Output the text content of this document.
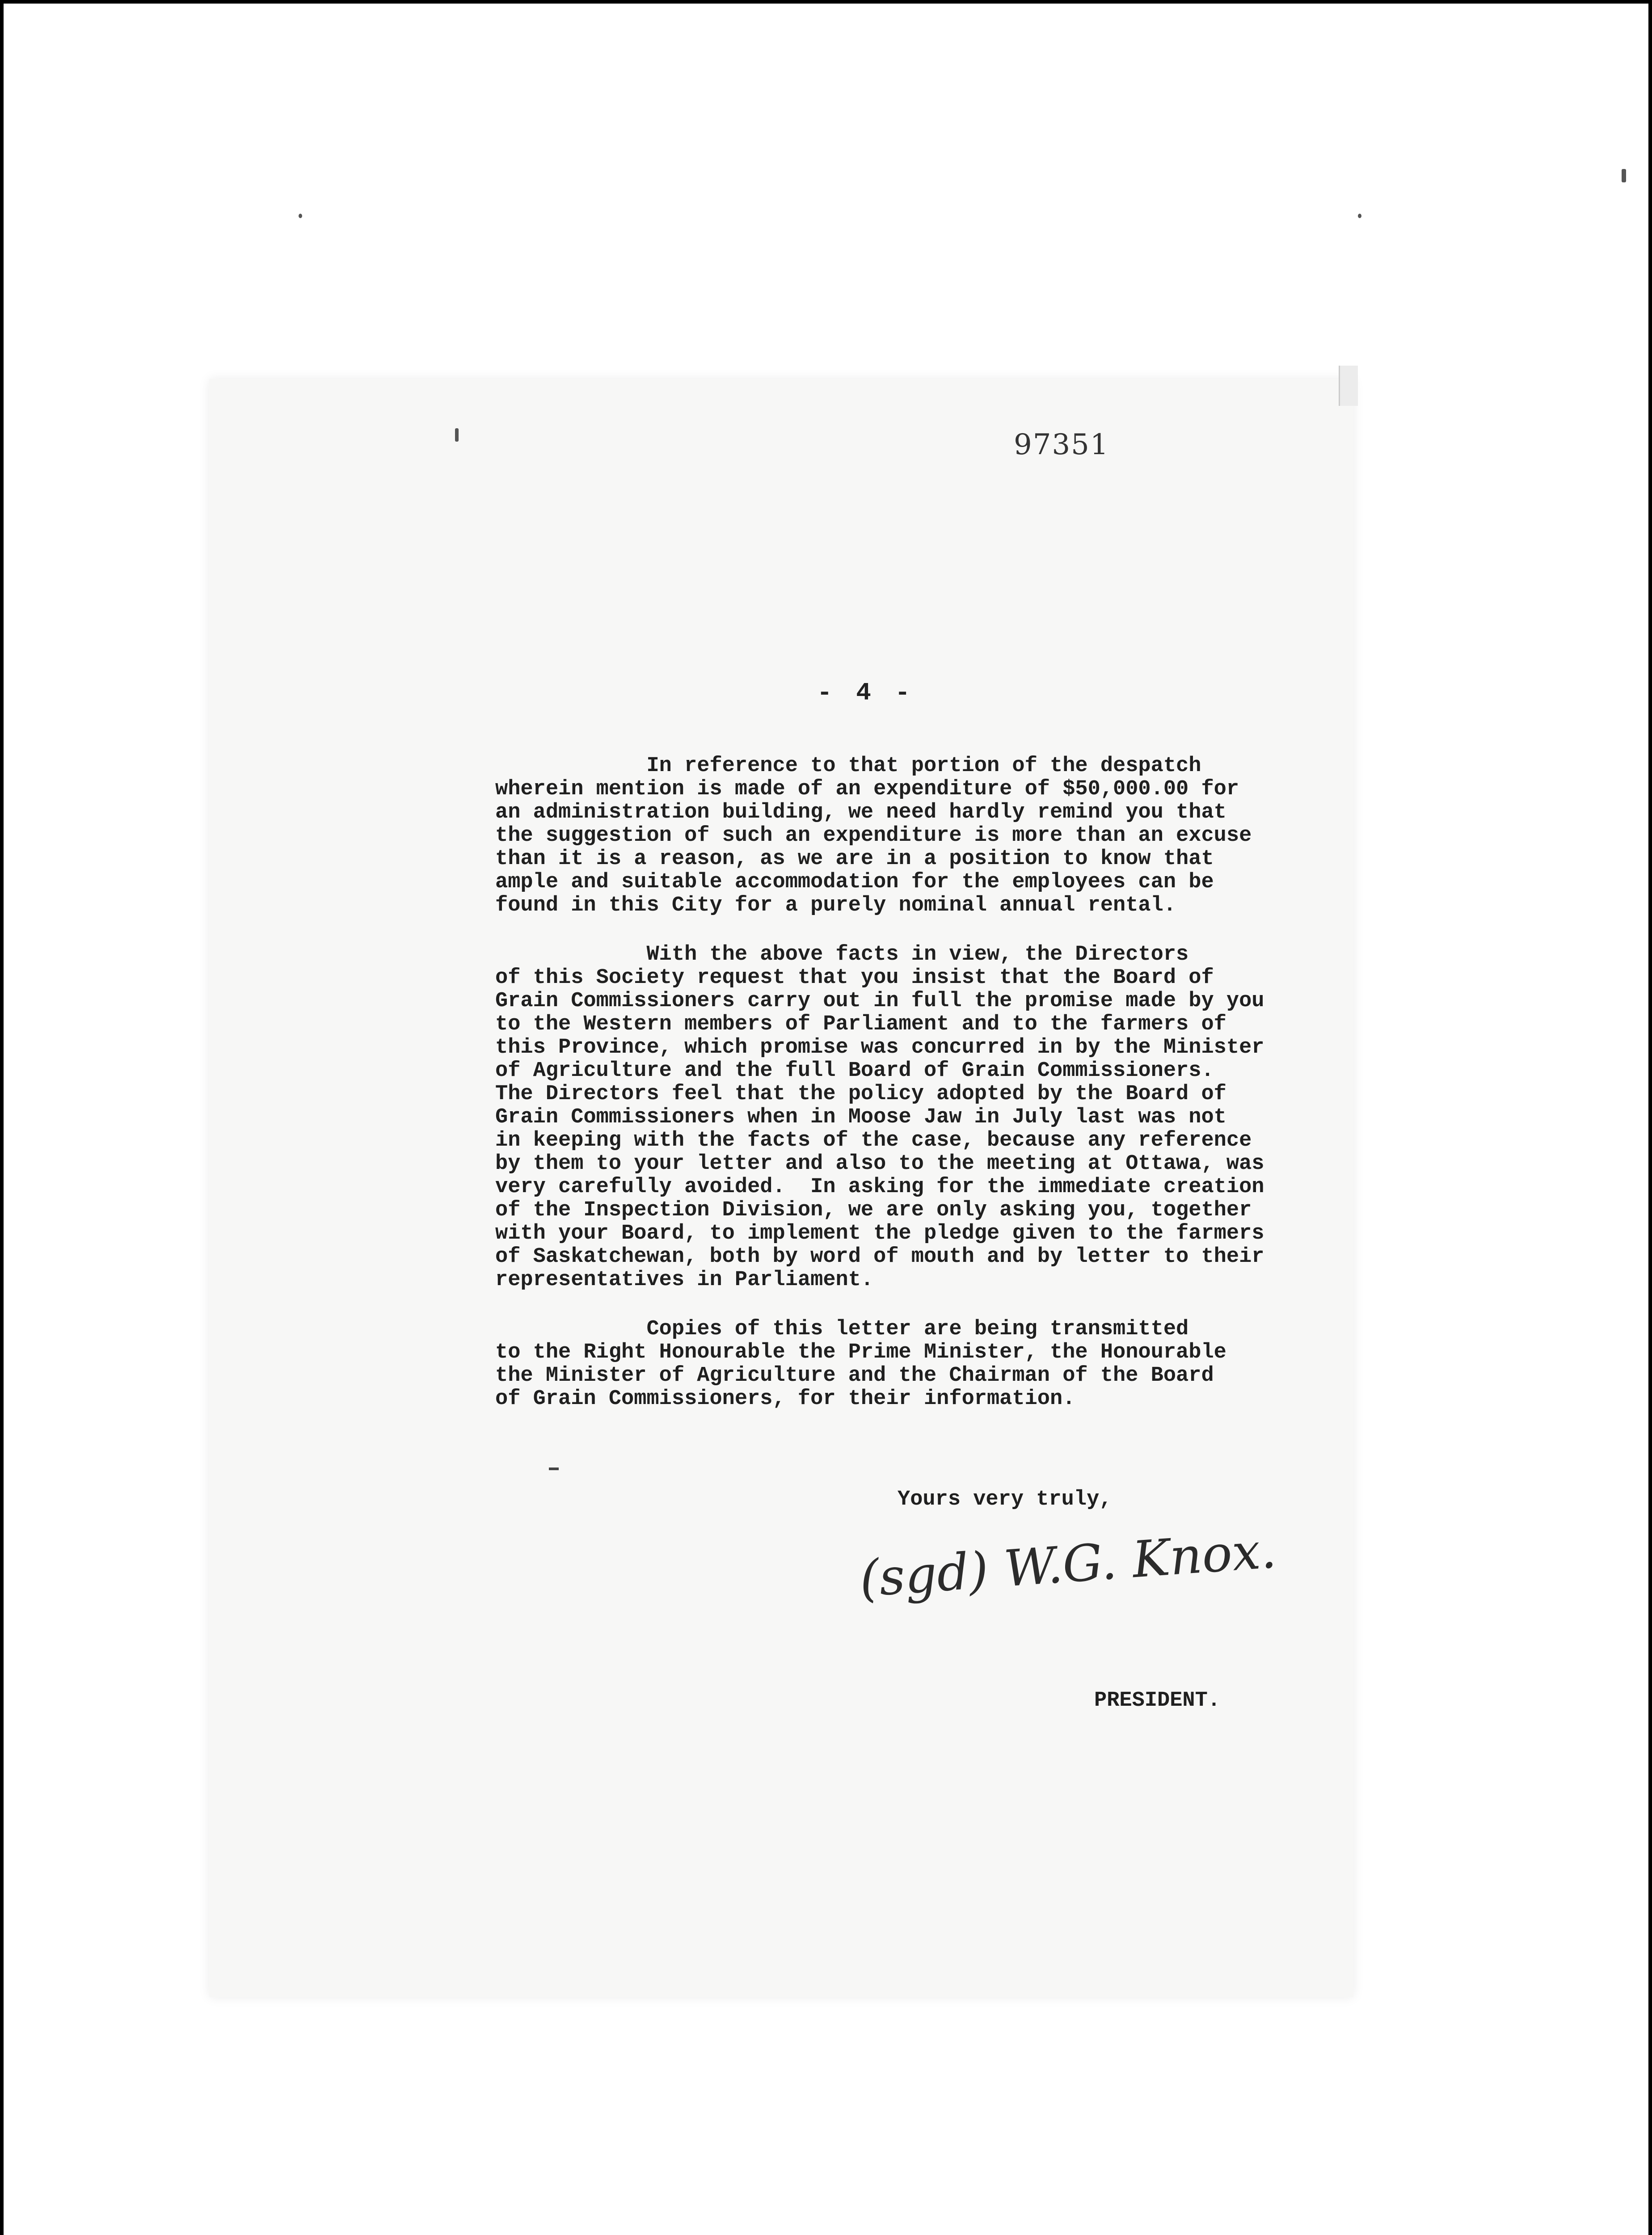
97351
- 4 -

In reference to that portion of the despatch
wherein mention is made of an expenditure of $50,000.00 for
an administration building, we need hardly remind you that
the suggestion of such an expenditure is more than an excuse
than it is a reason, as we are in a position to know that
ample and suitable accommodation for the employees can be
found in this City for a purely nominal annual rental.

With the above facts in view, the Directors
of this Society request that you insist that the Board of
Grain Commissioners carry out in full the promise made by you
to the Western members of Parliament and to the farmers of
this Province, which promise was concurred in by the Minister
of Agriculture and the full Board of Grain Commissioners.
The Directors feel that the policy adopted by the Board of
Grain Commissioners when in Moose Jaw in July last was not
in keeping with the facts of the case, because any reference
by them to your letter and also to the meeting at Ottawa, was
very carefully avoided.  In asking for the immediate creation
of the Inspection Division, we are only asking you, together
with your Board, to implement the pledge given to the farmers
of Saskatchewan, both by word of mouth and by letter to their
representatives in Parliament.

Copies of this letter are being transmitted
to the Right Honourable the Prime Minister, the Honourable
the Minister of Agriculture and the Chairman of the Board
of Grain Commissioners, for their information.

Yours very truly,
(sgd) W.G. Knox.
PRESIDENT.
